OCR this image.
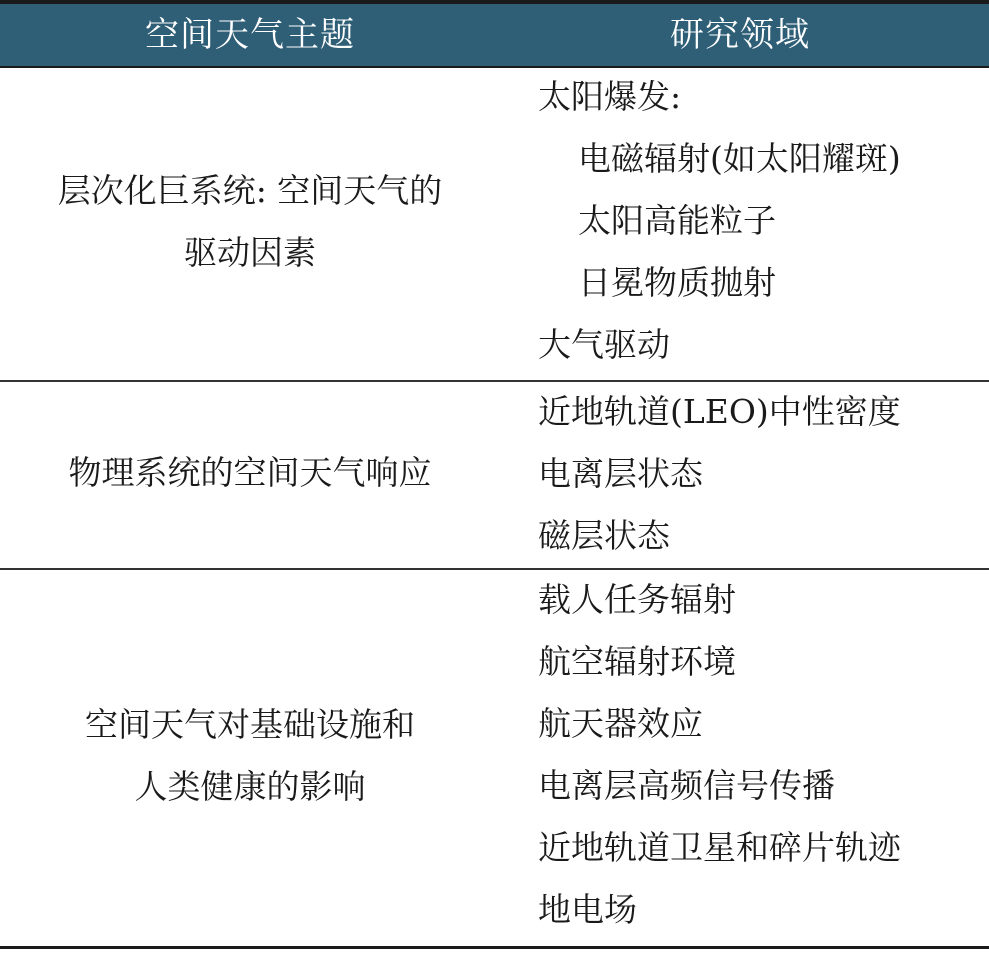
空间天气主题	研究领域
层次化巨系统: 空间天气的
驱动因素
太阳爆发:
电磁辐射(如太阳耀斑)
太阳高能粒子
日冕物质抛射
大气驱动
物理系统的空间天气响应
近地轨道(LEO)中性密度
电离层状态
磁层状态
空间天气对基础设施和
人类健康的影响
载人任务辐射
航空辐射环境
航天器效应
电离层高频信号传播
近地轨道卫星和碎片轨迹
地电场
